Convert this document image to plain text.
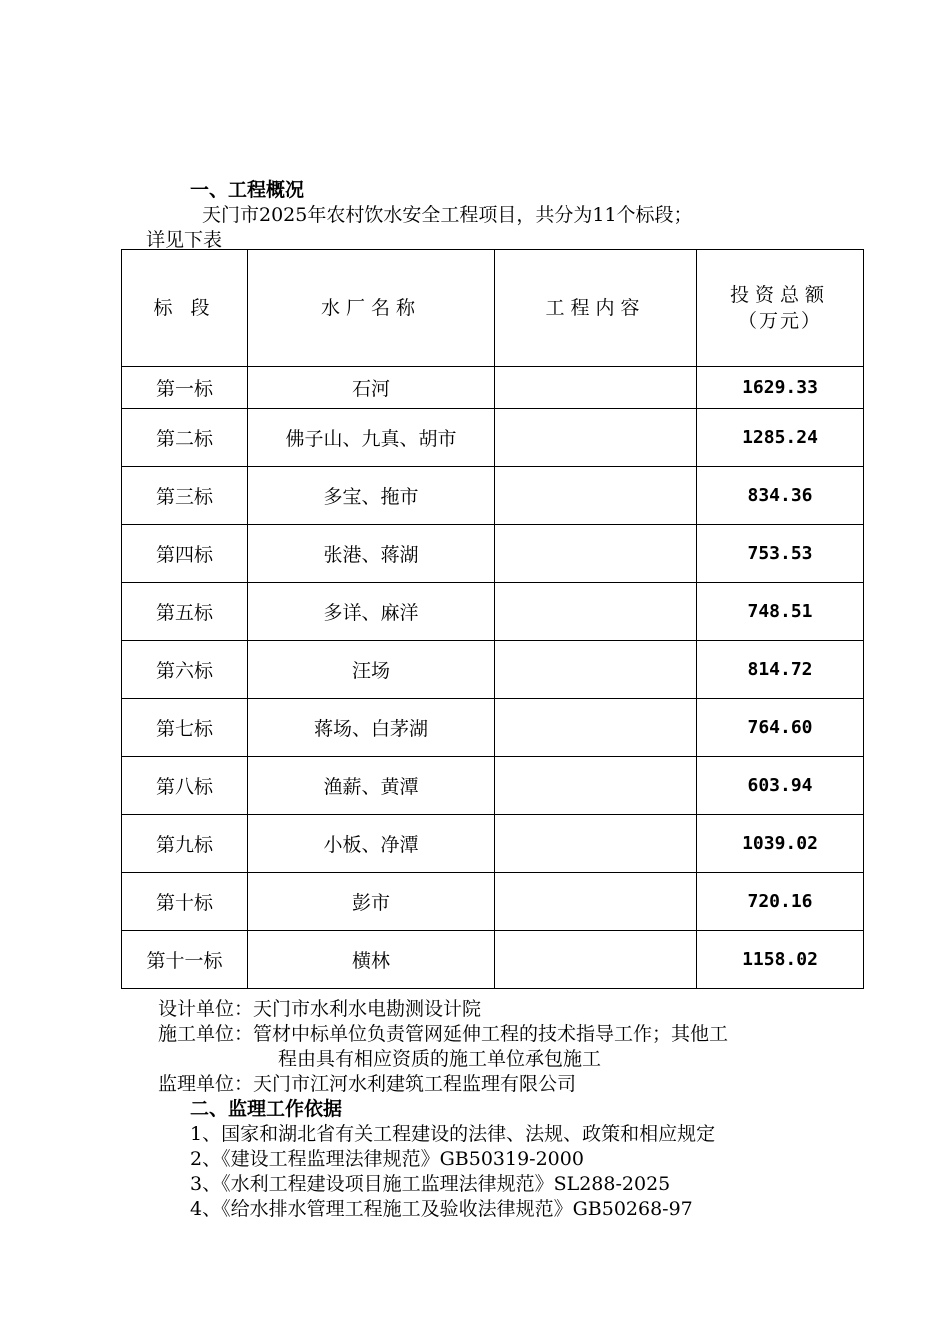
一、工程概况
天门市2025年农村饮水安全工程项目，共分为11个标段；
详见下表
标 段	水厂名称	工程内容	投资总额
（万元）

第一标	石河		1629.33
第二标	佛子山、九真、胡市		1285.24
第三标	多宝、拖市		834.36
第四标	张港、蒋湖		753.53
第五标	多详、麻洋		748.51
第六标	汪场		814.72
第七标	蒋场、白茅湖		764.60
第八标	渔薪、黄潭		603.94
第九标	小板、净潭		1039.02
第十标	彭市		720.16
第十一标	横林		1158.02
设计单位：天门市水利水电勘测设计院
施工单位：管材中标单位负责管网延伸工程的技术指导工作；其他工
程由具有相应资质的施工单位承包施工
监理单位：天门市江河水利建筑工程监理有限公司
二、监理工作依据
1、国家和湖北省有关工程建设的法律、法规、政策和相应规定
2、《建设工程监理法律规范》GB50319-2000
3、《水利工程建设项目施工监理法律规范》SL288-2025
4、《给水排水管理工程施工及验收法律规范》GB50268-97
